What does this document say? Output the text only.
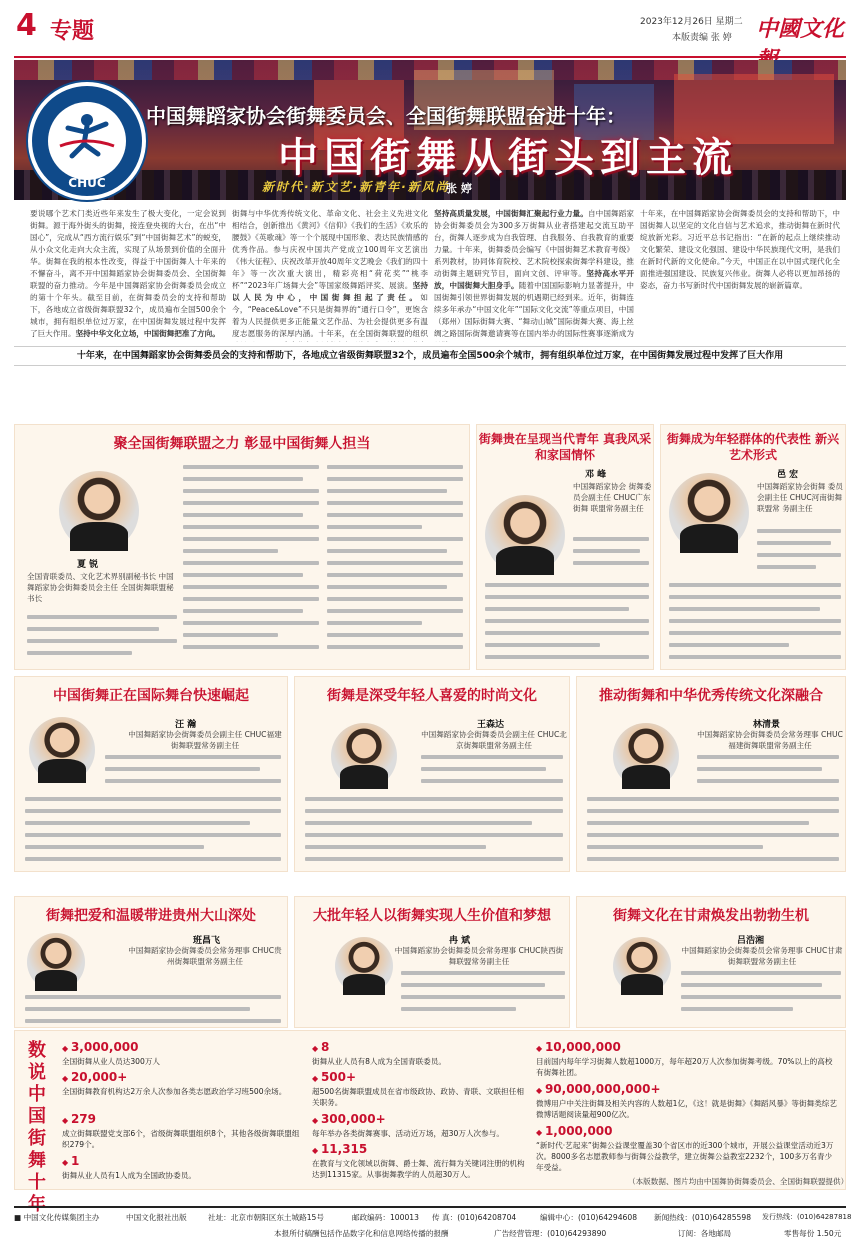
4 专题	2023年12月26日 星期二
本版责编 张 婷 中國文化
CHUC
中国舞蹈家协会街舞委员会、全国街舞联盟奋进十年：
中国街舞从街头到主流
新时代·新文艺·新青年·新风尚
张 婷
要说哪个艺术门类近些年来发生了极大变化，一定会说到街舞。源于海外街头的街舞，接连登央视的大台，在出“中国心”，完成从“西方流行娱乐”到“中国街舞艺术”的蜕变，从小众文化走向大众主流，实现了从场景到价值的全面升华。街舞在我的根本性改变，得益于中国街舞人十年来的不懈奋斗，离不开中国舞蹈家协会街舞委员会、全国街舞联盟的奋力推动。今年是中国舞蹈家协会街舞委员会成立的第十个年头。截至目前，在街舞委员会的支持和帮助下，各地成立省级街舞联盟32个，成员遍布全国500余个城市，拥有组织单位过万家，在中国街舞发展过程中发挥了巨大作用。坚持中华文化立场，中国街舞把准了方向。
街舞与中华优秀传统文化、革命文化、社会主义先进文化相结合，创新推出《黄河》《信仰》《我们的生活》《欢乐的腰鼓》《英歌魂》等一个个展现中国形象、表达民族情感的优秀作品。参与庆祝中国共产党成立100周年文艺演出《伟大征程》、庆祝改革开放40周年文艺晚会《我们的四十年》等一次次重大演出，精彩亮相“荷花奖”“桃李杯”“2023年广场舞大会”等国家级舞蹈评奖、展演。坚持以人民为中心，中国街舞担起了责任。如今，“Peace&Love”不只是街舞界的“通行口令”，更饱含着为人民提供更多正能量文艺作品、为社会提供更多有温度志愿服务的深厚内涵。十年来，在全国街舞联盟的组织
坚持高质量发展，中国街舞汇聚起行业力量。自中国舞蹈家协会街舞委员会为300多万街舞从业者搭建起交流互助平台，街舞人逐步成为自我管理、自我服务、自我教育的重要力量。十年来，街舞委员会编写《中国街舞艺术教育考级》系列教材，协同体育院校、艺术院校探索街舞学科建设，推动街舞主题研究节目，面向文创、评审等。坚持高水平开放，中国街舞大胆身手。随着中国国际影响力显著提升，中国街舞引领世界街舞发展的机遇期已经到来。近年，街舞连续多年承办“中国文化年”“国际文化交流”等重点项目，中国（郑州）国际街舞大赛、“舞动山城”国际街舞大赛、海上丝绸之路国际街舞邀请赛等在国内举办的国际性赛事逐渐成为
十年来，在中国舞蹈家协会街舞委员会的支持和帮助下，中国街舞人以坚定的文化自信与艺术追求，推动街舞在新时代绽放新光彩。习近平总书记指出：“在新的起点上继续推动文化繁荣、建设文化强国、建设中华民族现代文明，是我们在新时代新的文化使命。”今天，中国正在以中国式现代化全面推进强国建设、民族复兴伟业。街舞人必将以更加昂扬的姿态，奋力书写新时代中国街舞发展的崭新篇章。
十年来，在中国舞蹈家协会街舞委员会的支持和帮助下，各地成立省级街舞联盟32个，成员遍布全国500余个城市，拥有组织单位过万家，在中国街舞发展过程中发挥了巨大作用
聚全国街舞联盟之力 彰显中国街舞人担当
夏 锐
全国青联委员、文化艺术界别副秘书长 中国舞蹈家协会街舞委员会主任 全国街舞联盟秘书长
街舞贵在呈现当代青年 真我风采和家国情怀
邓 峰
中国舞蹈家协会 街舞委员会副主任 CHUC广东街舞 联盟常务副主任
街舞成为年轻群体的代表性 新兴艺术形式
邑 宏
中国舞蹈家协会街舞 委员会副主任 CHUC河南街舞联盟常 务副主任
中国街舞正在国际舞台快速崛起
汪 瀚
中国舞蹈家协会街舞委员会副主任 CHUC福建街舞联盟常务副主任
街舞是深受年轻人喜爱的时尚文化
王森达
中国舞蹈家协会街舞委员会副主任 CHUC北京街舞联盟常务副主任
推动街舞和中华优秀传统文化深融合
林清景
中国舞蹈家协会街舞委员会常务理事 CHUC福建街舞联盟常务副主任
街舞把爱和温暖带进贵州大山深处
班昌飞
中国舞蹈家协会街舞委员会常务理事 CHUC贵州街舞联盟常务副主任
大批年轻人以街舞实现人生价值和梦想
冉 斌
中国舞蹈家协会街舞委员会常务理事 CHUC陕西街舞联盟常务副主任
街舞文化在甘肃焕发出勃勃生机
吕浩湘
中国舞蹈家协会街舞委员会常务理事 CHUC甘肃街舞联盟常务副主任
数说中国街舞十年
◆ 3,000,000
全国街舞从业人员达300万人
◆ 20,000+
全国街舞教育机构达2万余人次参加各类志愿政治学习班500余场。
◆ 279
成立街舞联盟党支部6个，省级街舞联盟组织8个，其他各级街舞联盟组织279个。
◆ 1
街舞从业人员有1人成为全国政协委员。
◆ 8
街舞从业人员有8人成为全国青联委员。
◆ 500+
超500名街舞联盟成员在省市级政协、政协、青联、文联担任相关职务。
◆ 300,000+
每年举办各类街舞赛事、活动近万场，超30万人次参与。
◆ 11,315
在教育与文化领域以街舞、爵士舞、流行舞为关键词注册的机构达到11315家。从事街舞教学的人员超30万人。
◆ 10,000,000
目前国内每年学习街舞人数超1000万，每年超20万人次参加街舞考级。70%以上的高校有街舞社团。
◆ 90,000,000,000+
微博用户中关注街舞及相关内容的人数超1亿，《这！就是街舞》《舞蹈风暴》等街舞类综艺微博话题阅读量超900亿次。
◆ 1,000,000
“新时代·艺起来”街舞公益课堂覆盖30个省区市的近300个城市，开展公益课堂活动近3万次。8000多名志愿教师参与街舞公益教学，建立街舞公益教室2232个，100多万名青少年受益。
（本版数据、图片均由中国舞协街舞委员会、全国街舞联盟提供）
■ 中国文化传媒集团主办	中国文化报社出版	社址：北京市朝阳区东土城路15号	邮政编码：100013 传 真：(010)64208704	编辑中心：(010)64294608 新闻热线：(010)64285598 发行热线：(010)64287818
本报所付稿酬包括作品数字化和信息网络传播的报酬	广告经营管理：(010)64293890	订阅：各地邮局	零售每份 1.50元
